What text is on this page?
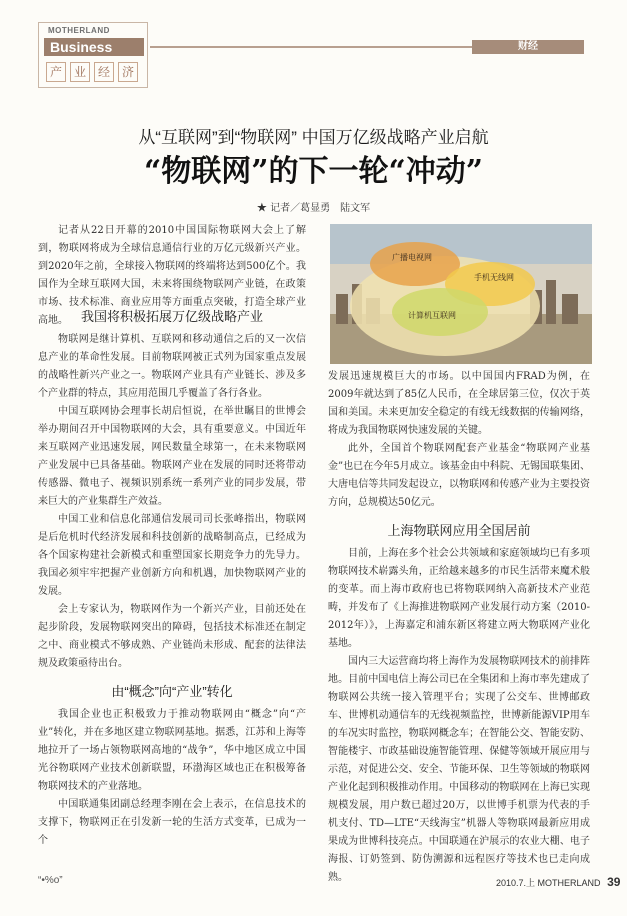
MOTHERLAND
Business
产 业 经 济
财经
从“互联网”到“物联网” 中国万亿级战略产业启航
“物联网”的下一轮“冲动”
★ 记者／葛显勇　陆文军
广播电视网
手机无线网
计算机互联网

记者从22日开幕的2010中国国际物联网大会上了解到，物联网将成为全球信息通信行业的万亿元级新兴产业。到2020年之前，全球接入物联网的终端将达到500亿个。我国作为全球互联网大国，未来将围绕物联网产业链，在政策市场、技术标准、商业应用等方面重点突破，打造全球产业高地。 我国将积极拓展万亿级战略产业

物联网是继计算机、互联网和移动通信之后的又一次信息产业的革命性发展。目前物联网被正式列为国家重点发展的战略性新兴产业之一。物联网产业具有产业链长、涉及多个产业群的特点，其应用范围几乎覆盖了各行各业。

中国互联网协会理事长胡启恒说，在举世瞩目的世博会举办期间召开中国物联网的大会，具有重要意义。中国近年来互联网产业迅速发展，网民数量全球第一，在未来物联网产业发展中已具备基础。物联网产业在发展的同时还将带动传感器、微电子、视频识别系统一系列产业的同步发展，带来巨大的产业集群生产效益。

中国工业和信息化部通信发展司司长张峰指出，物联网是后危机时代经济发展和科技创新的战略制高点，已经成为各个国家构建社会新模式和重塑国家长期竞争力的先导力。我国必须牢牢把握产业创新方向和机遇，加快物联网产业的发展。

会上专家认为，物联网作为一个新兴产业，目前还处在起步阶段，发展物联网突出的障碍，包括技术标准还在制定之中、商业模式不够成熟、产业链尚未形成、配套的法律法规及政策亟待出台。

由“概念”向“产业”转化

我国企业也正积极致力于推动物联网由“概念”向“产业”转化，并在多地区建立物联网基地。据悉，江苏和上海等地拉开了一场占领物联网高地的“战争”，华中地区成立中国光谷物联网产业技术创新联盟，环渤海区域也正在积极筹备物联网技术的产业落地。

中国联通集团副总经理李刚在会上表示，在信息技术的支撑下，物联网正在引发新一轮的生活方式变革，已成为一个

发展迅速规模巨大的市场。以中国国内FRAD为例，在2009年就达到了85亿人民币，在全球居第三位，仅次于英国和美国。未来更加安全稳定的有线无线数据的传输网络，将成为我国物联网快速发展的关键。

此外，全国首个物联网配套产业基金“物联网产业基金”也已在今年5月成立。该基金由中科院、无锡国联集团、大唐电信等共同发起设立，以物联网和传感产业为主要投资方向，总规模达50亿元。

上海物联网应用全国居前

目前，上海在多个社会公共领域和家庭领域均已有多项物联网技术崭露头角，正给越来越多的市民生活带来魔术般的变革。而上海市政府也已将物联网纳入高新技术产业范畴，并发布了《上海推进物联网产业发展行动方案（2010-2012年）》，上海嘉定和浦东新区将建立两大物联网产业化基地。

国内三大运营商均将上海作为发展物联网技术的前排阵地。目前中国电信上海公司已在全集团和上海市率先建成了物联网公共统一接入管理平台；实现了公交车、世博邮政车、世博机动通信车的无线视频监控，世博新能源VIP用车的车况实时监控，物联网概念车；在智能公交、智能安防、智能楼宇、市政基础设施智能管理、保健等领域开展应用与示范，对促进公交、安全、节能环保、卫生等领域的物联网产业化起到积极推动作用。中国移动的物联网在上海已实现规模发展，用户数已超过20万，以世博手机票为代表的手机支付、TD—LTE“天线海宝”机器人等物联网最新应用成果成为世博科技亮点。中国联通在沪展示的农业大棚、电子海报、订奶签到、防伪溯源和远程医疗等技术也已走向成熟。

“•%o”	2010.7.上 MOTHERLAND 39
